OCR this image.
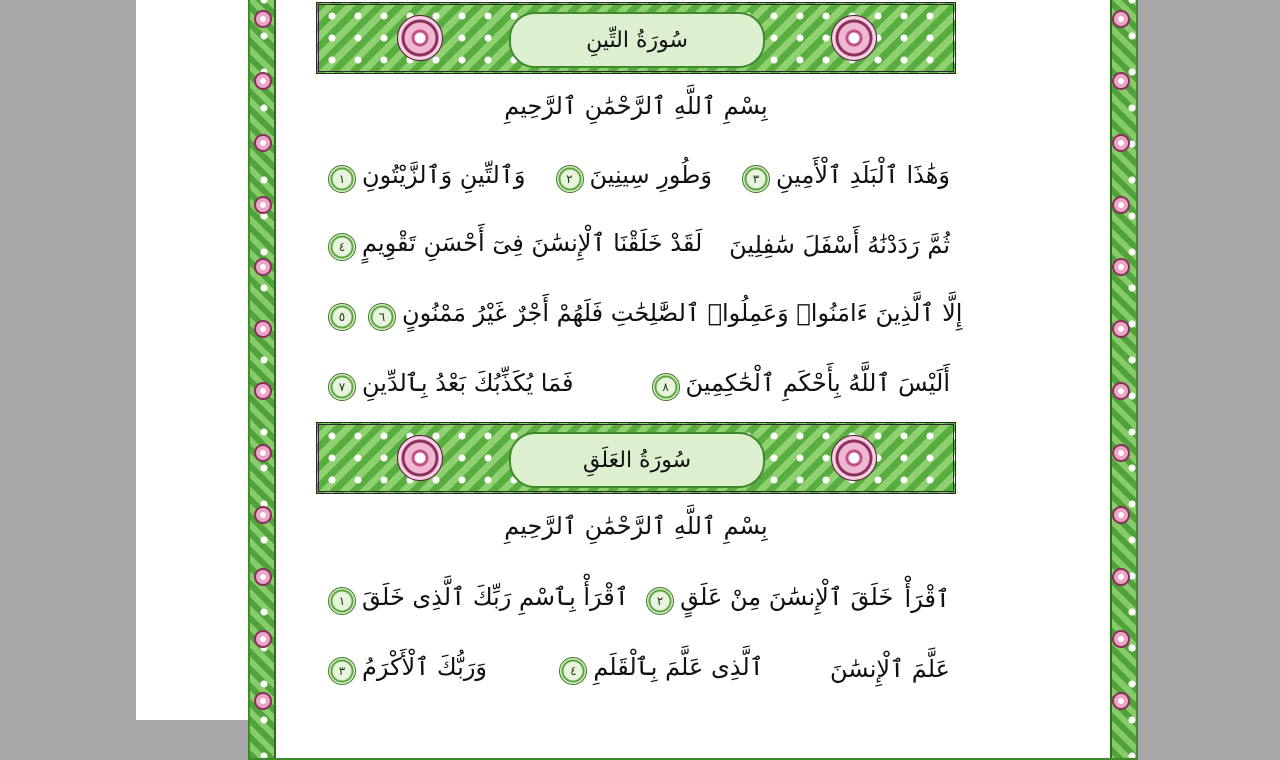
سُورَةُ التِّينِ
بِسْمِ ٱللَّهِ ٱلرَّحْمَٰنِ ٱلرَّحِيمِ
وَٱلتِّينِ وَٱلزَّيْتُونِ١	وَطُورِ سِينِينَ٢	وَهَٰذَا ٱلْبَلَدِ ٱلْأَمِينِ٣
لَقَدْ خَلَقْنَا ٱلْإِنسَٰنَ فِىٓ أَحْسَنِ تَقْوِيمٍ٤	ثُمَّ رَدَدْنَٰهُ أَسْفَلَ سَٰفِلِينَ
٥	إِلَّا ٱلَّذِينَ ءَامَنُوا۟ وَعَمِلُوا۟ ٱلصَّٰلِحَٰتِ فَلَهُمْ أَجْرٌ غَيْرُ مَمْنُونٍ٦
فَمَا يُكَذِّبُكَ بَعْدُ بِٱلدِّينِ٧	أَلَيْسَ ٱللَّهُ بِأَحْكَمِ ٱلْحَٰكِمِينَ٨
سُورَةُ العَلَقِ
بِسْمِ ٱللَّهِ ٱلرَّحْمَٰنِ ٱلرَّحِيمِ
ٱقْرَأْ بِٱسْمِ رَبِّكَ ٱلَّذِى خَلَقَ١	خَلَقَ ٱلْإِنسَٰنَ مِنْ عَلَقٍ٢	ٱقْرَأْ
وَرَبُّكَ ٱلْأَكْرَمُ٣	ٱلَّذِى عَلَّمَ بِٱلْقَلَمِ٤	عَلَّمَ ٱلْإِنسَٰنَ
